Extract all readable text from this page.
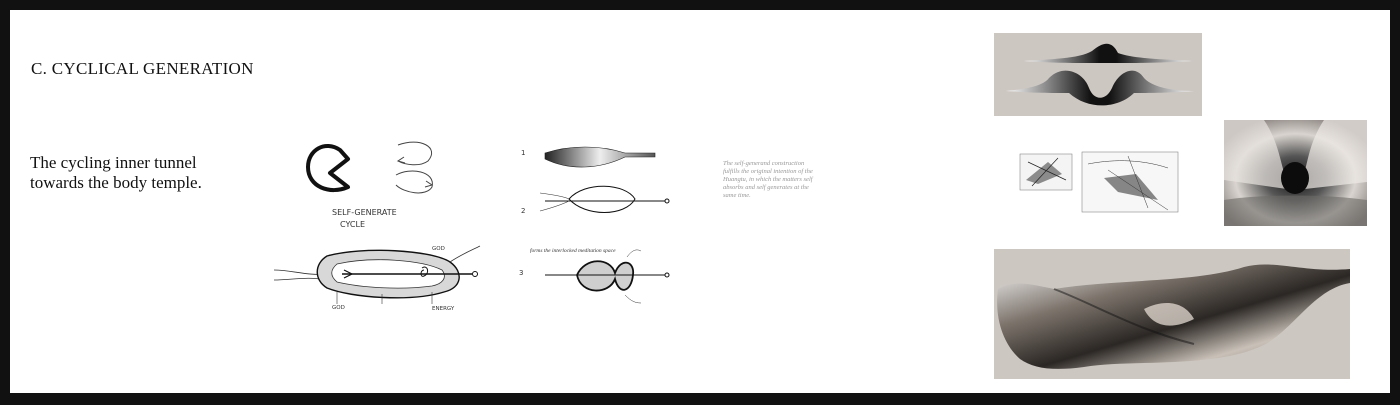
C. CYCLICAL GENERATION
The cycling inner tunnel
towards the body temple.
SELF-GENERATE
CYCLE
GOD	ENERGY
GOD
1
2
forms the interlocked meditation space
3
The self-generand construction
fulfills the original intention of the
Huangtu, in which the matters self
absorbs and self generates at the
same time.
